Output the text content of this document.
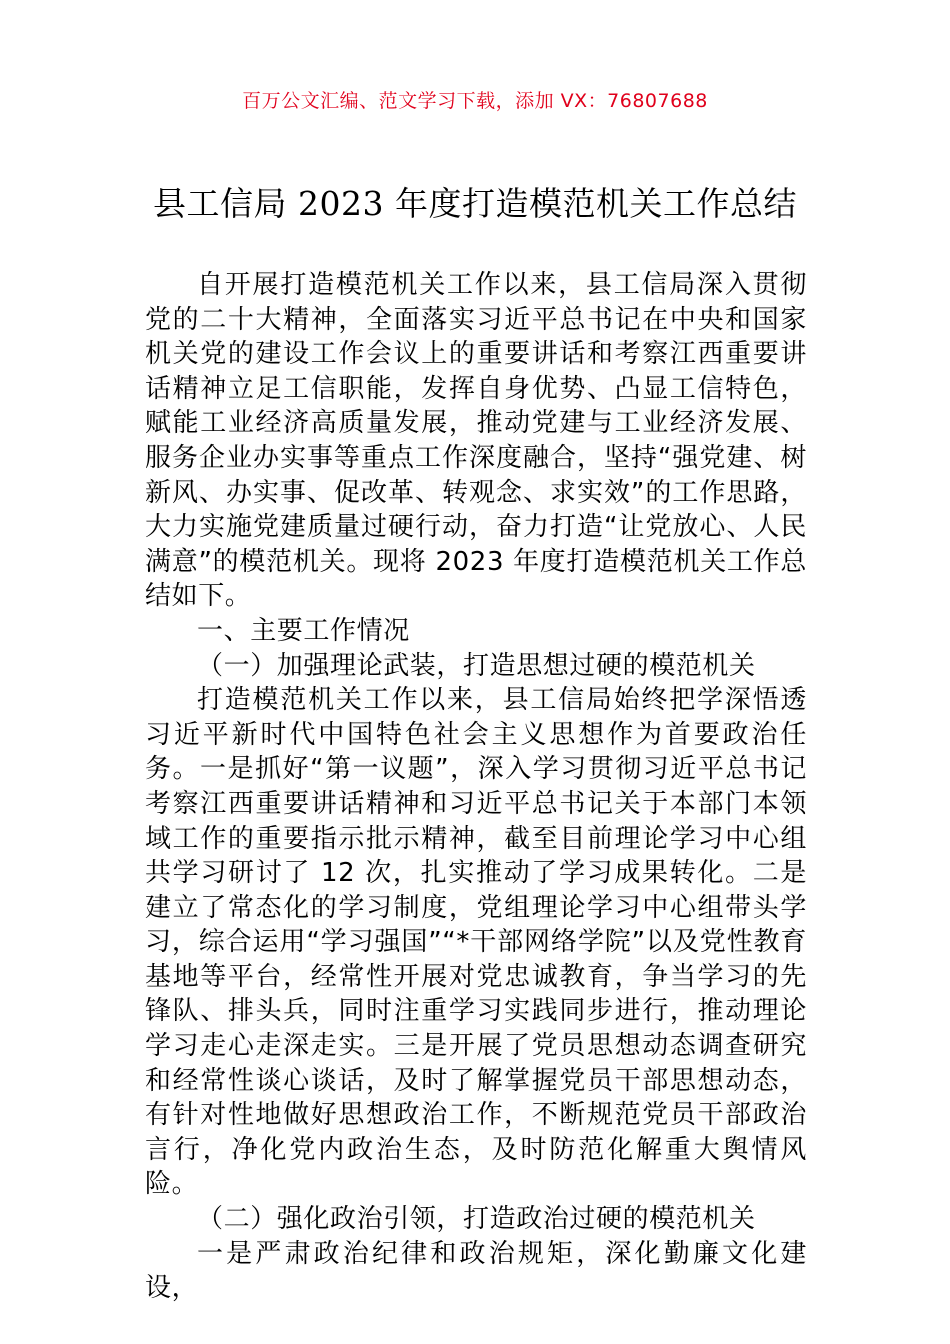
百万公文汇编、范文学习下载，添加 VX：76807688
县工信局 2023 年度打造模范机关工作总结

自开展打造模范机关工作以来，县工信局深入贯彻党的二十大精神，全面落实习近平总书记在中央和国家机关党的建设工作会议上的重要讲话和考察江西重要讲话精神立足工信职能，发挥自身优势、凸显工信特色，赋能工业经济高质量发展，推动党建与工业经济发展、服务企业办实事等重点工作深度融合，坚持“强党建、树新风、办实事、促改革、转观念、求实效”的工作思路，大力实施党建质量过硬行动，奋力打造“让党放心、人民满意”的模范机关。现将 2023 年度打造模范机关工作总结如下。

一、主要工作情况

（一）加强理论武装，打造思想过硬的模范机关

打造模范机关工作以来，县工信局始终把学深悟透习近平新时代中国特色社会主义思想作为首要政治任务。一是抓好“第一议题”，深入学习贯彻习近平总书记考察江西重要讲话精神和习近平总书记关于本部门本领域工作的重要指示批示精神，截至目前理论学习中心组共学习研讨了 12 次，扎实推动了学习成果转化。二是建立了常态化的学习制度，党组理论学习中心组带头学习，综合运用“学习强国”“*干部网络学院”以及党性教育基地等平台，经常性开展对党忠诚教育，争当学习的先锋队、排头兵，同时注重学习实践同步进行，推动理论学习走心走深走实。三是开展了党员思想动态调查研究和经常性谈心谈话，及时了解掌握党员干部思想动态，有针对性地做好思想政治工作，不断规范党员干部政治言行，净化党内政治生态，及时防范化解重大舆情风险。

（二）强化政治引领，打造政治过硬的模范机关

一是严肃政治纪律和政治规矩，深化勤廉文化建设，
